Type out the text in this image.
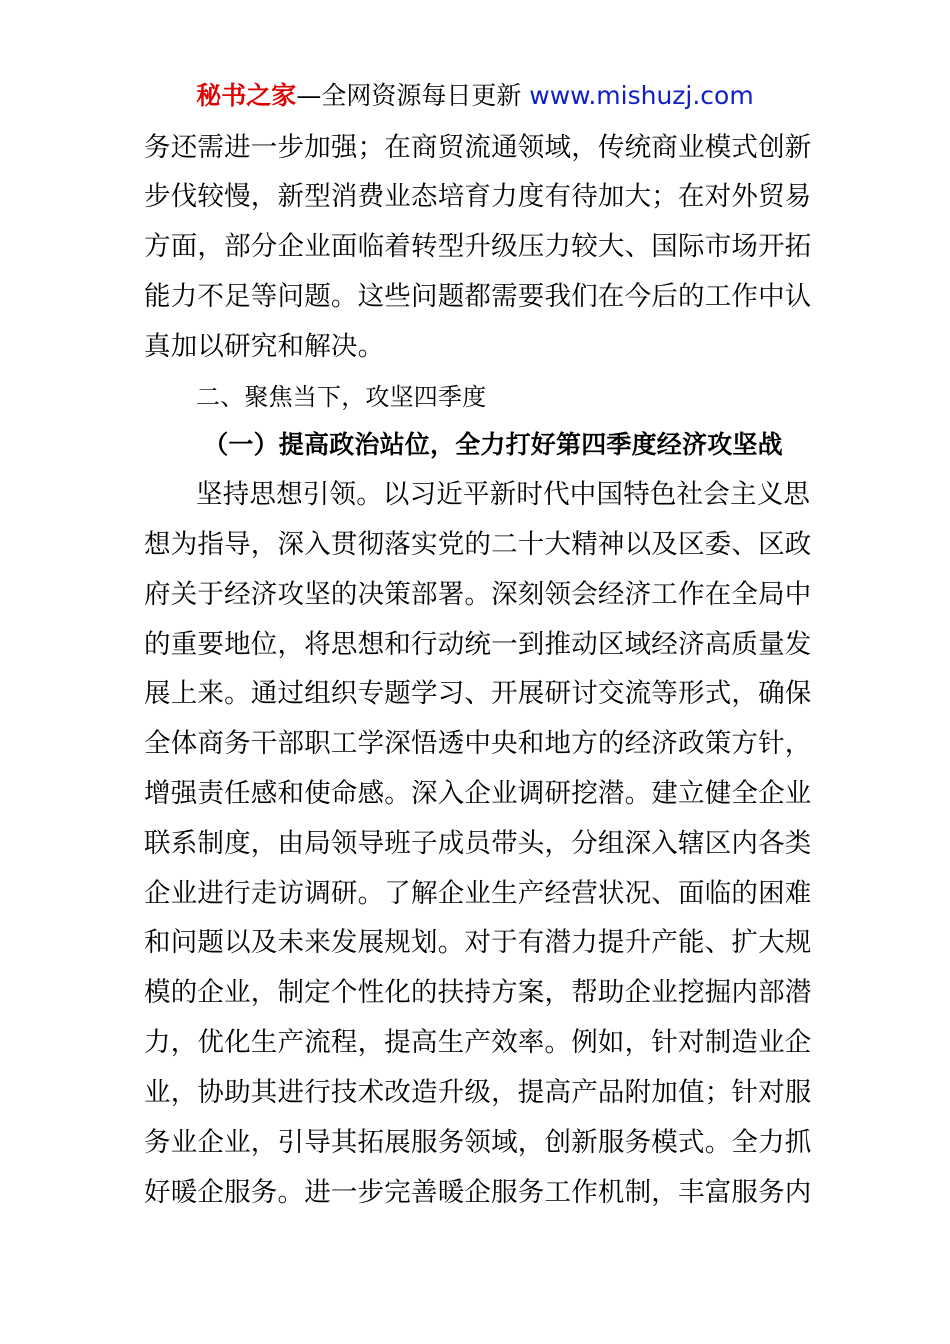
秘书之家—全网资源每日更新 www.mishuzj.com
务还需进一步加强；在商贸流通领域，传统商业模式创新
步伐较慢，新型消费业态培育力度有待加大；在对外贸易
方面，部分企业面临着转型升级压力较大、国际市场开拓
能力不足等问题。这些问题都需要我们在今后的工作中认
真加以研究和解决。
二、聚焦当下，攻坚四季度
（一）提高政治站位，全力打好第四季度经济攻坚战
坚持思想引领。以习近平新时代中国特色社会主义思
想为指导，深入贯彻落实党的二十大精神以及区委、区政
府关于经济攻坚的决策部署。深刻领会经济工作在全局中
的重要地位，将思想和行动统一到推动区域经济高质量发
展上来。通过组织专题学习、开展研讨交流等形式，确保
全体商务干部职工学深悟透中央和地方的经济政策方针，
增强责任感和使命感。深入企业调研挖潜。建立健全企业
联系制度，由局领导班子成员带头，分组深入辖区内各类
企业进行走访调研。了解企业生产经营状况、面临的困难
和问题以及未来发展规划。对于有潜力提升产能、扩大规
模的企业，制定个性化的扶持方案，帮助企业挖掘内部潜
力，优化生产流程，提高生产效率。例如，针对制造业企
业，协助其进行技术改造升级，提高产品附加值；针对服
务业企业，引导其拓展服务领域，创新服务模式。全力抓
好暖企服务。进一步完善暖企服务工作机制，丰富服务内
